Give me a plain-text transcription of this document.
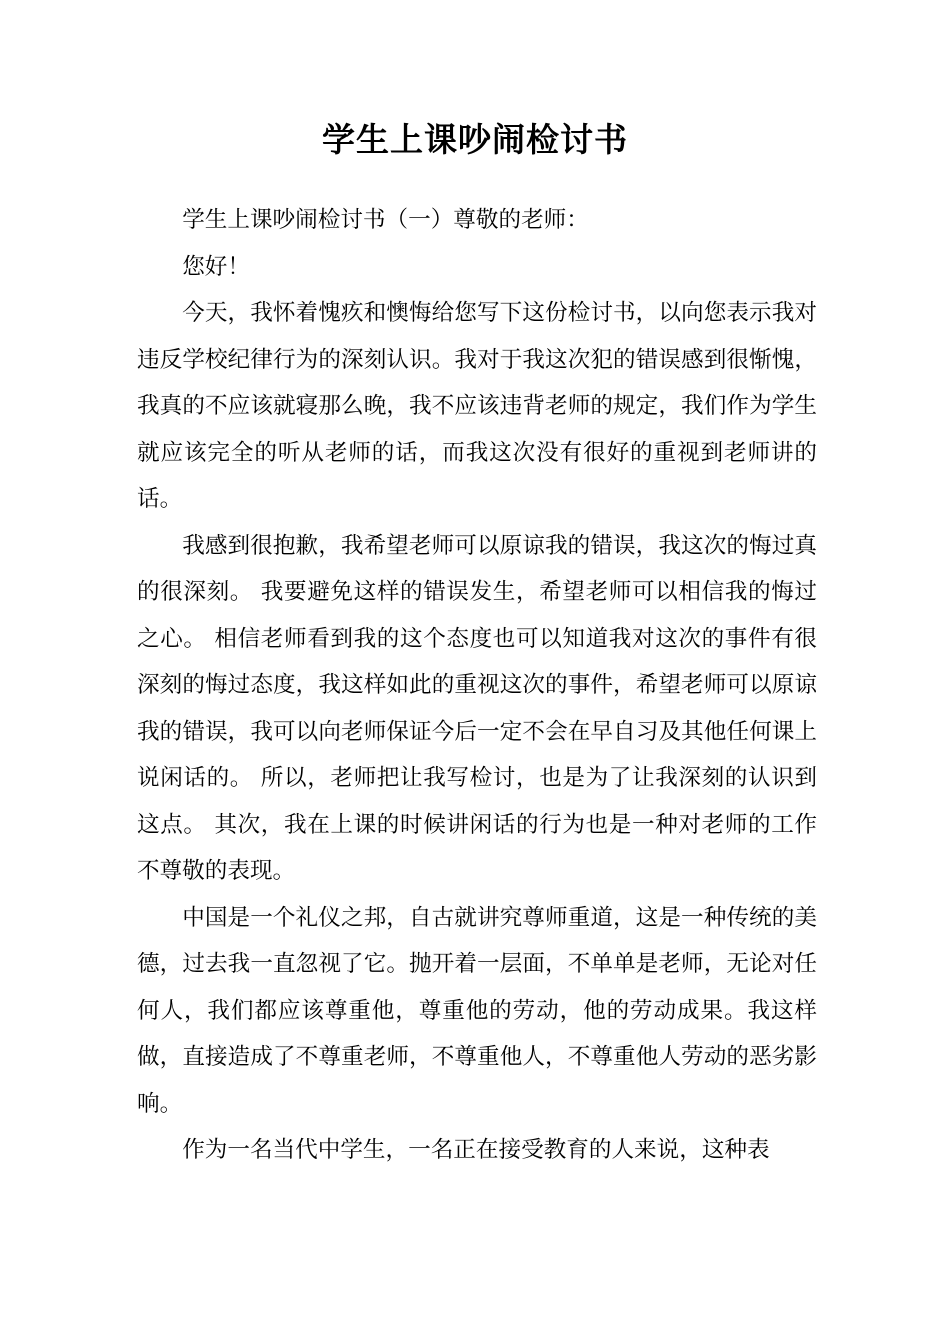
学生上课吵闹检讨书

学生上课吵闹检讨书（一）尊敬的老师：

您好！

今天，我怀着愧疚和懊悔给您写下这份检讨书，以向您表示我对违反学校纪律行为的深刻认识。我对于我这次犯的错误感到很惭愧，我真的不应该就寝那么晚，我不应该违背老师的规定，我们作为学生就应该完全的听从老师的话，而我这次没有很好的重视到老师讲的话。

我感到很抱歉，我希望老师可以原谅我的错误，我这次的悔过真的很深刻。 我要避免这样的错误发生，希望老师可以相信我的悔过之心。 相信老师看到我的这个态度也可以知道我对这次的事件有很深刻的悔过态度，我这样如此的重视这次的事件，希望老师可以原谅我的错误，我可以向老师保证今后一定不会在早自习及其他任何课上说闲话的。 所以，老师把让我写检讨，也是为了让我深刻的认识到这点。 其次，我在上课的时候讲闲话的行为也是一种对老师的工作不尊敬的表现。

中国是一个礼仪之邦，自古就讲究尊师重道，这是一种传统的美德，过去我一直忽视了它。抛开着一层面，不单单是老师，无论对任何人，我们都应该尊重他，尊重他的劳动，他的劳动成果。我这样做，直接造成了不尊重老师，不尊重他人，不尊重他人劳动的恶劣影响。

作为一名当代中学生，一名正在接受教育的人来说，这种表
